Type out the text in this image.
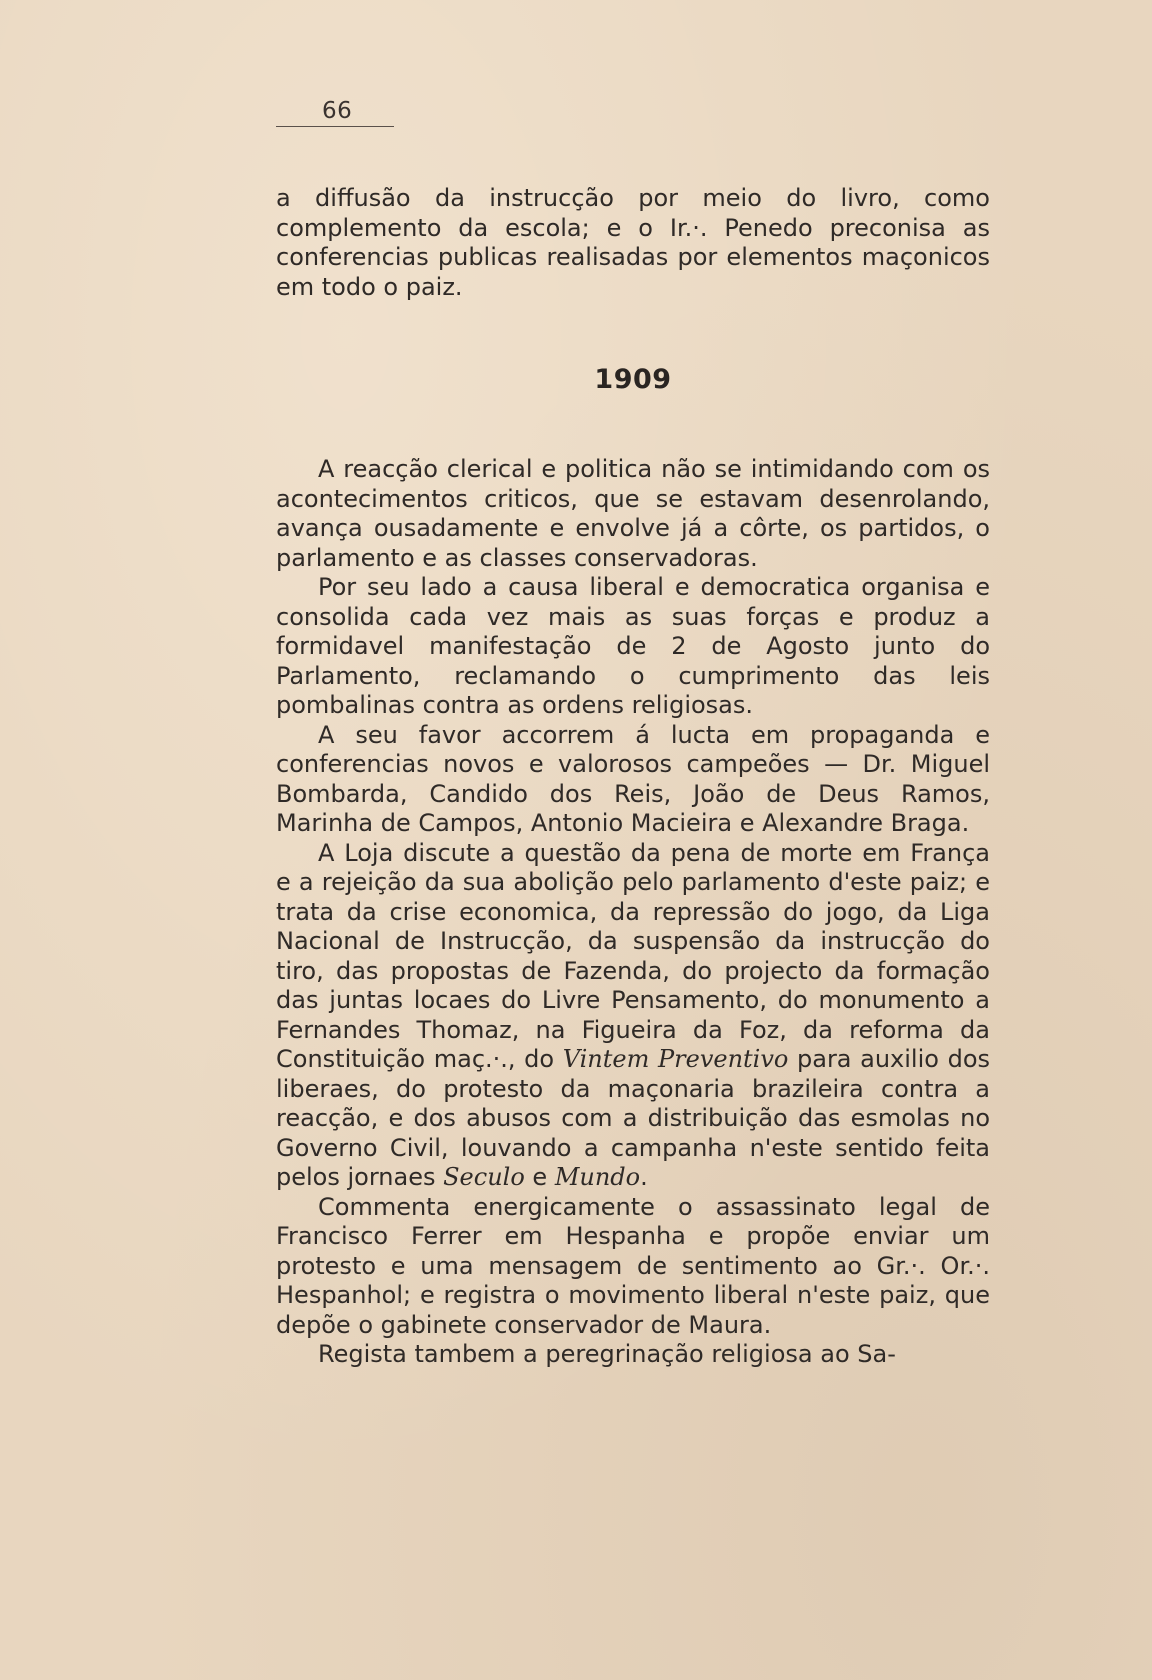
66

a diffusão da instrucção por meio do livro, como complemento da escola; e o Ir.·. Penedo preconisa as conferencias publicas realisadas por elementos maçonicos em todo o paiz.

1909

A reacção clerical e politica não se intimidando com os acontecimentos criticos, que se estavam desenrolando, avança ousadamente e envolve já a côrte, os partidos, o parlamento e as classes conservadoras.

Por seu lado a causa liberal e democratica organisa e consolida cada vez mais as suas forças e produz a formidavel manifestação de 2 de Agosto junto do Parlamento, reclamando o cumprimento das leis pombalinas contra as ordens religiosas.

A seu favor accorrem á lucta em propaganda e conferencias novos e valorosos campeões — Dr. Miguel Bombarda, Candido dos Reis, João de Deus Ramos, Marinha de Campos, Antonio Macieira e Alexandre Braga.

A Loja discute a questão da pena de morte em França e a rejeição da sua abolição pelo parlamento d'este paiz; e trata da crise economica, da repressão do jogo, da Liga Nacional de Instrucção, da suspensão da instrucção do tiro, das propostas de Fazenda, do projecto da formação das juntas locaes do Livre Pensamento, do monumento a Fernandes Thomaz, na Figueira da Foz, da reforma da Constituição maç.·., do Vintem Preventivo para auxilio dos liberaes, do protesto da maçonaria brazileira contra a reacção, e dos abusos com a distribuição das esmolas no Governo Civil, louvando a campanha n'este sentido feita pelos jornaes Seculo e Mundo.

Commenta energicamente o assassinato legal de Francisco Ferrer em Hespanha e propõe enviar um protesto e uma mensagem de sentimento ao Gr.·. Or.·. Hespanhol; e registra o movimento liberal n'este paiz, que depõe o gabinete conservador de Maura.

Regista tambem a peregrinação religiosa ao Sa-
